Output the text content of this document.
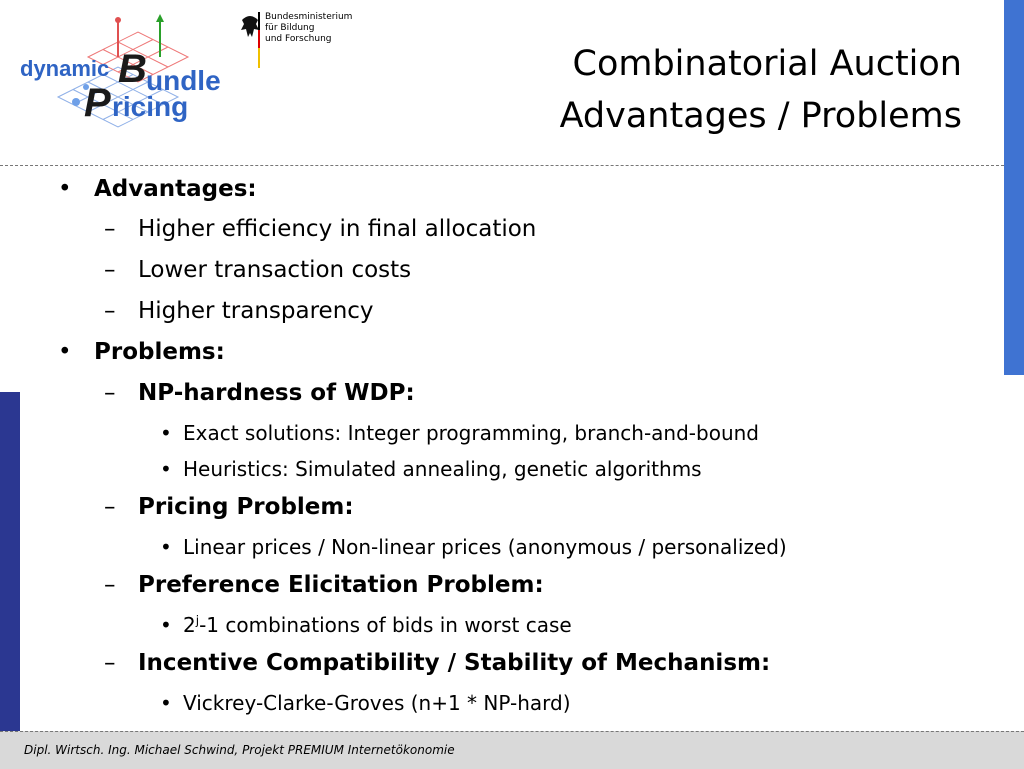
dynamic B undle
P ricing
Bundesministerium
für Bildung
und Forschung
Combinatorial Auction
Advantages / Problems
• Advantages:
– Higher efficiency in final allocation
– Lower transaction costs
– Higher transparency
• Problems:
– NP-hardness of WDP:
• Exact solutions: Integer programming, branch-and-bound
• Heuristics: Simulated annealing, genetic algorithms
– Pricing Problem:
• Linear prices / Non-linear prices (anonymous / personalized)
– Preference Elicitation Problem:
• 2$^j$-1 combinations of bids in worst case
– Incentive Compatibility / Stability of Mechanism:
• Vickrey-Clarke-Groves (n+1 * NP-hard)
Dipl. Wirtsch. Ing. Michael Schwind, Projekt PREMIUM Internetökonomie
